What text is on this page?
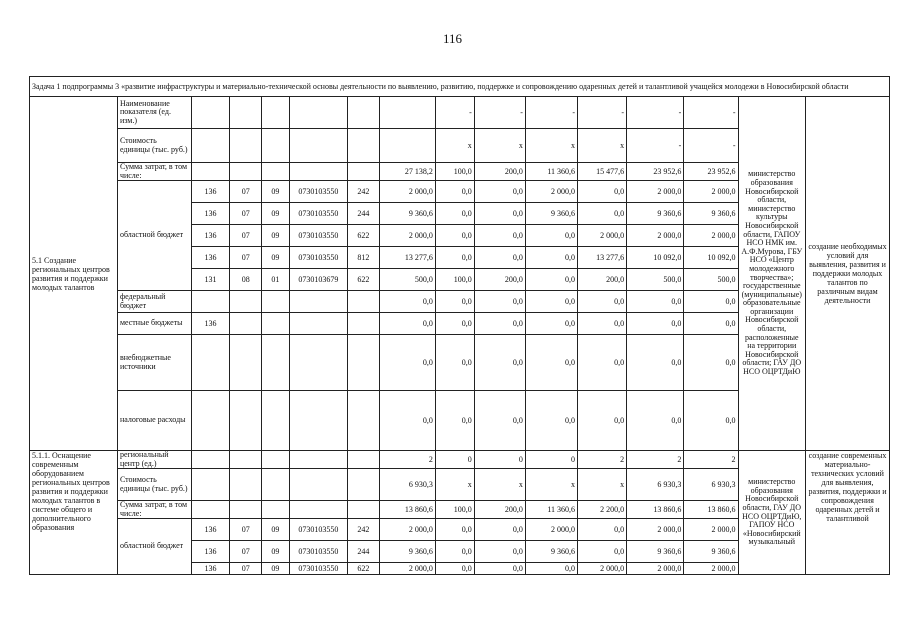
116
Задача 1 подпрограммы 3 «развитие инфраструктуры и материально-технической основы деятельности по выявлению, развитию, поддержке и сопровождению одаренных детей и талантливой учащейся молодежи в Новосибирской области															
5.1 Создание региональных центров развития и поддержки молодых талантов	Наименование показателя (ед. изм.)							-	-	-	-	-	-	министерство образования Новосибирской области, министерство культуры Новосибирской области, ГАПОУ НСО НМК им. А.Ф.Мурова, ГБУ НСО «Центр молодежного творчества»; государственные (муниципальные) образовательные организации Новосибирской области, расположенные на территории Новосибирской области; ГАУ ДО НСО ОЦРТДиЮ	создание необходимых условий для выявления, развития и поддержки молодых талантов по различным видам деятельности
	Стоимость единицы (тыс. руб.)							х	х	х	х	-	-		
	Сумма затрат, в том числе:						27 138,2	100,0	200,0	11 360,6	15 477,6	23 952,6	23 952,6		
	областной бюджет	136	07	09	0730103550	242	2 000,0	0,0	0,0	2 000,0	0,0	2 000,0	2 000,0		
		136	07	09	0730103550	244	9 360,6	0,0	0,0	9 360,6	0,0	9 360,6	9 360,6		
		136	07	09	0730103550	622	2 000,0	0,0	0,0	0,0	2 000,0	2 000,0	2 000,0		
		136	07	09	0730103550	812	13 277,6	0,0	0,0	0,0	13 277,6	10 092,0	10 092,0		
		131	08	01	0730103679	622	500,0	100,0	200,0	0,0	200,0	500,0	500,0		
	федеральный бюджет						0,0	0,0	0,0	0,0	0,0	0,0	0,0		
	местные бюджеты	136					0,0	0,0	0,0	0,0	0,0	0,0	0,0		
	внебюджетные источники						0,0	0,0	0,0	0,0	0,0	0,0	0,0		
	налоговые расходы						0,0	0,0	0,0	0,0	0,0	0,0	0,0		
5.1.1. Оснащение современным оборудованием региональных центров развития и поддержки молодых талантов в системе общего и дополнительного образования	региональный центр (ед.)						2	0	0	0	2	2	2	министерство образования Новосибирской области, ГАУ ДО НСО ОЦРТДиЮ, ГАПОУ НСО «Новосибирский музыкальный	создание современных материально-технических условий для выявления, развития, поддержки и сопровождения одаренных детей и талантливой
	Стоимость единицы (тыс. руб.)						6 930,3	х	х	х	х	6 930,3	6 930,3		
	Сумма затрат, в том числе:						13 860,6	100,0	200,0	11 360,6	2 200,0	13 860,6	13 860,6		
	областной бюджет	136	07	09	0730103550	242	2 000,0	0,0	0,0	2 000,0	0,0	2 000,0	2 000,0		
		136	07	09	0730103550	244	9 360,6	0,0	0,0	9 360,6	0,0	9 360,6	9 360,6		
		136	07	09	0730103550	622	2 000,0	0,0	0,0	0,0	2 000,0	2 000,0	2 000,0		
